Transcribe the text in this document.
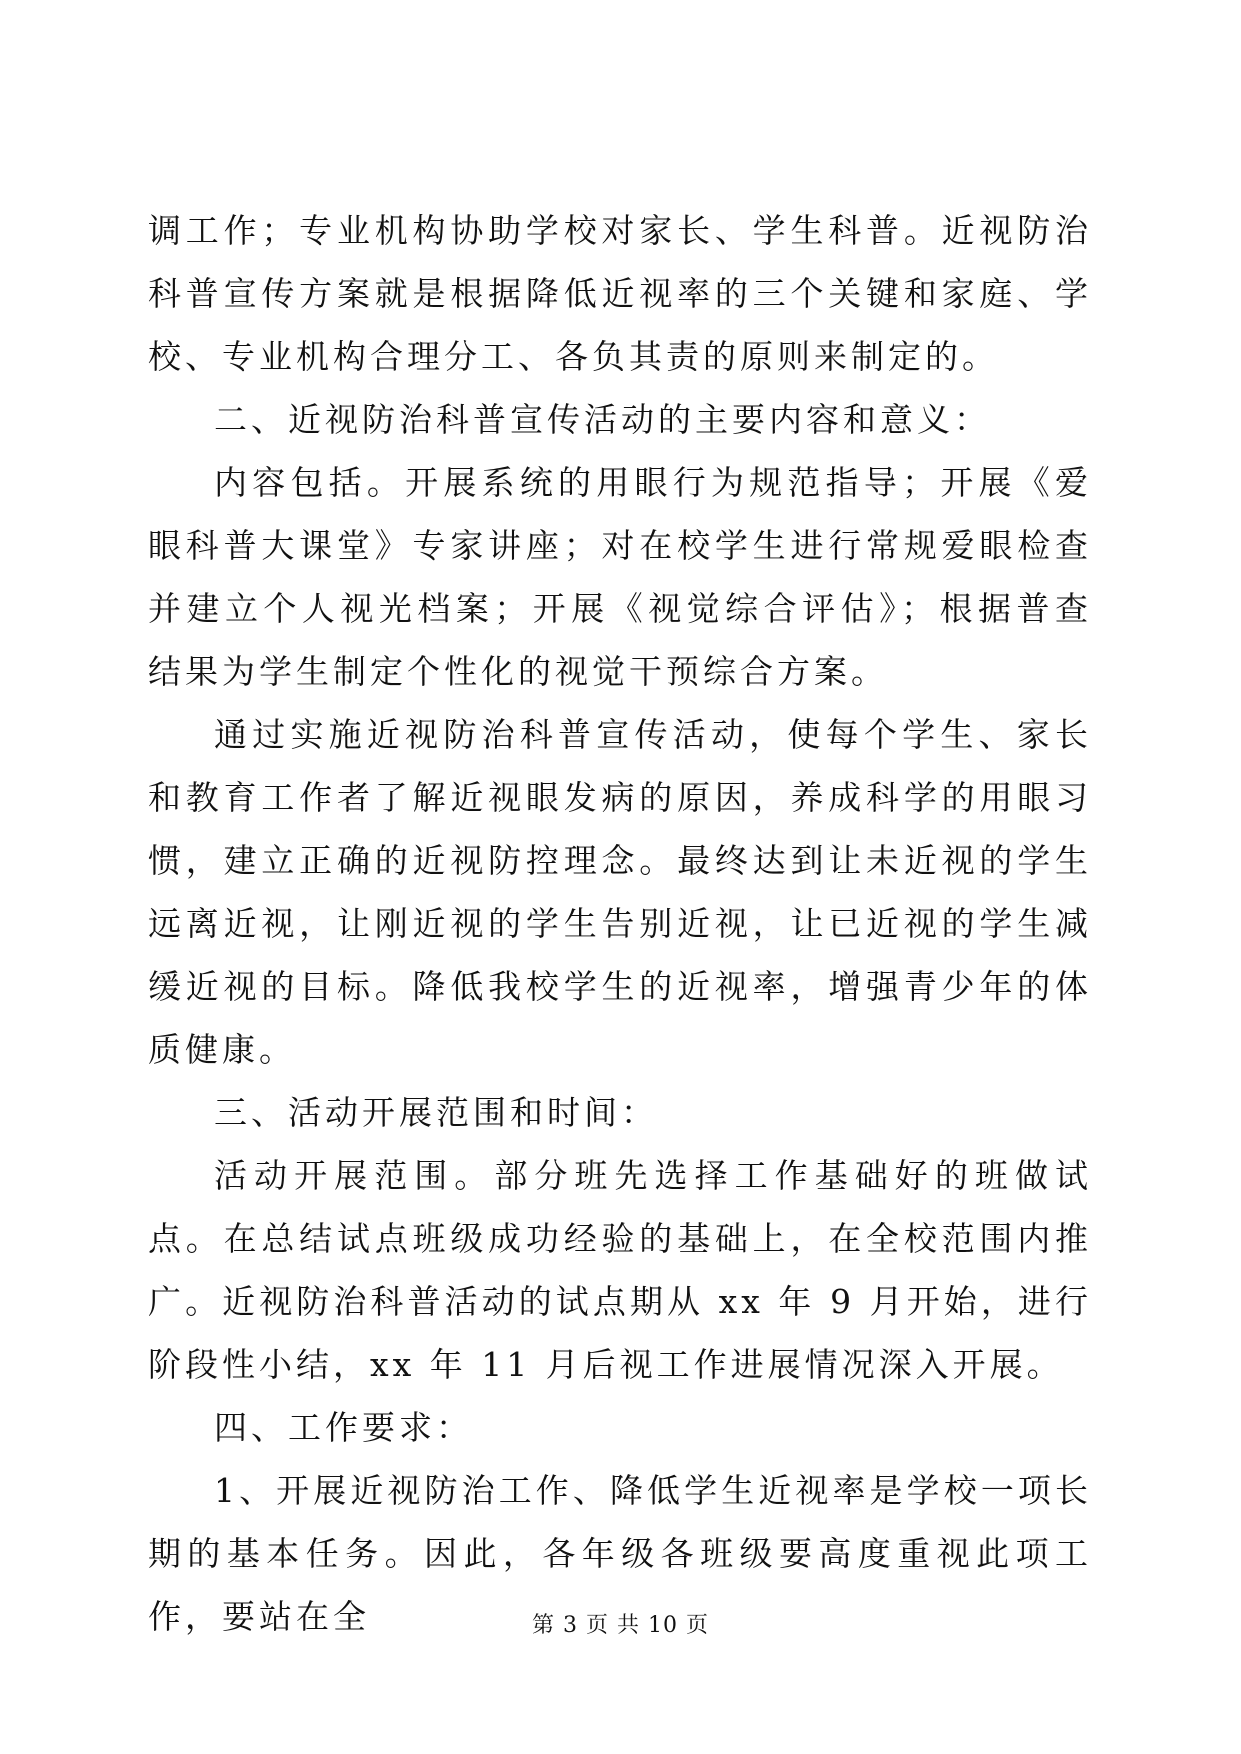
调工作；专业机构协助学校对家长、学生科普。近视防治科普宣传方案就是根据降低近视率的三个关键和家庭、学校、专业机构合理分工、各负其责的原则来制定的。

二、近视防治科普宣传活动的主要内容和意义：

内容包括。开展系统的用眼行为规范指导；开展《爱眼科普大课堂》专家讲座；对在校学生进行常规爱眼检查并建立个人视光档案；开展《视觉综合评估》；根据普查结果为学生制定个性化的视觉干预综合方案。

通过实施近视防治科普宣传活动，使每个学生、家长和教育工作者了解近视眼发病的原因，养成科学的用眼习惯，建立正确的近视防控理念。最终达到让未近视的学生远离近视，让刚近视的学生告别近视，让已近视的学生减缓近视的目标。降低我校学生的近视率，增强青少年的体质健康。

三、活动开展范围和时间：

活动开展范围。部分班先选择工作基础好的班做试点。在总结试点班级成功经验的基础上，在全校范围内推广。近视防治科普活动的试点期从 xx 年 9 月开始，进行阶段性小结，xx 年 11 月后视工作进展情况深入开展。

四、工作要求：

1、开展近视防治工作、降低学生近视率是学校一项长期的基本任务。因此，各年级各班级要高度重视此项工作，要站在全	第 3 页 共 10 页
